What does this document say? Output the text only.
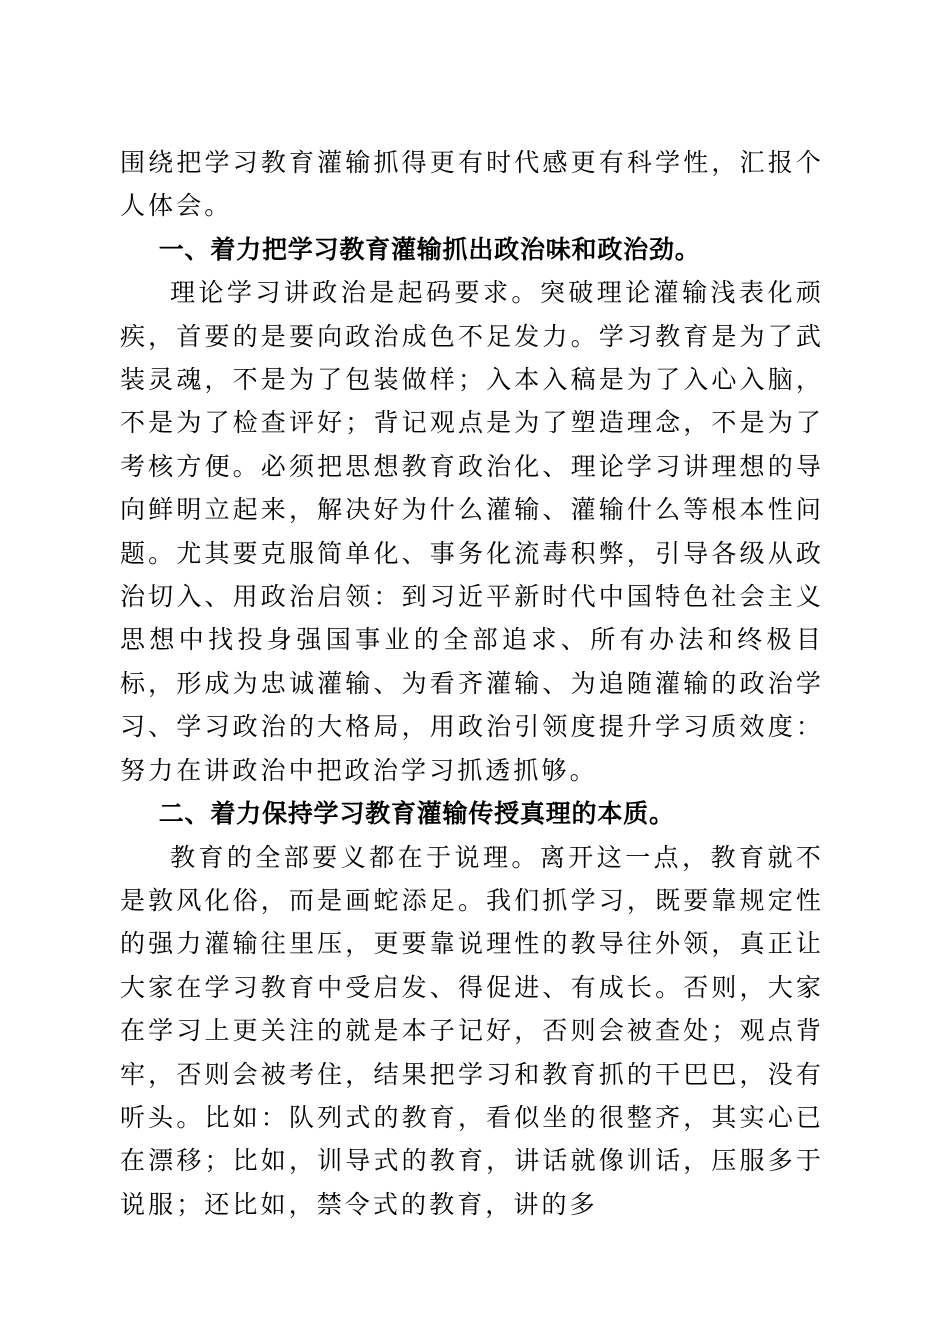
围绕把学习教育灌输抓得更有时代感更有科学性，汇报个人体会。

一、着力把学习教育灌输抓出政治味和政治劲。

理论学习讲政治是起码要求。突破理论灌输浅表化顽疾，首要的是要向政治成色不足发力。学习教育是为了武装灵魂，不是为了包装做样；入本入稿是为了入心入脑，不是为了检查评好；背记观点是为了塑造理念，不是为了考核方便。必须把思想教育政治化、理论学习讲理想的导向鲜明立起来，解决好为什么灌输、灌输什么等根本性问题。尤其要克服简单化、事务化流毒积弊，引导各级从政治切入、用政治启领：到习近平新时代中国特色社会主义思想中找投身强国事业的全部追求、所有办法和终极目标，形成为忠诚灌输、为看齐灌输、为追随灌输的政治学习、学习政治的大格局，用政治引领度提升学习质效度：努力在讲政治中把政治学习抓透抓够。

二、着力保持学习教育灌输传授真理的本质。

教育的全部要义都在于说理。离开这一点，教育就不是敦风化俗，而是画蛇添足。我们抓学习，既要靠规定性的强力灌输往里压，更要靠说理性的教导往外领，真正让大家在学习教育中受启发、得促进、有成长。否则，大家在学习上更关注的就是本子记好，否则会被查处；观点背牢，否则会被考住，结果把学习和教育抓的干巴巴，没有听头。比如：队列式的教育，看似坐的很整齐，其实心已在漂移；比如，训导式的教育，讲话就像训话，压服多于说服；还比如，禁令式的教育，讲的多
